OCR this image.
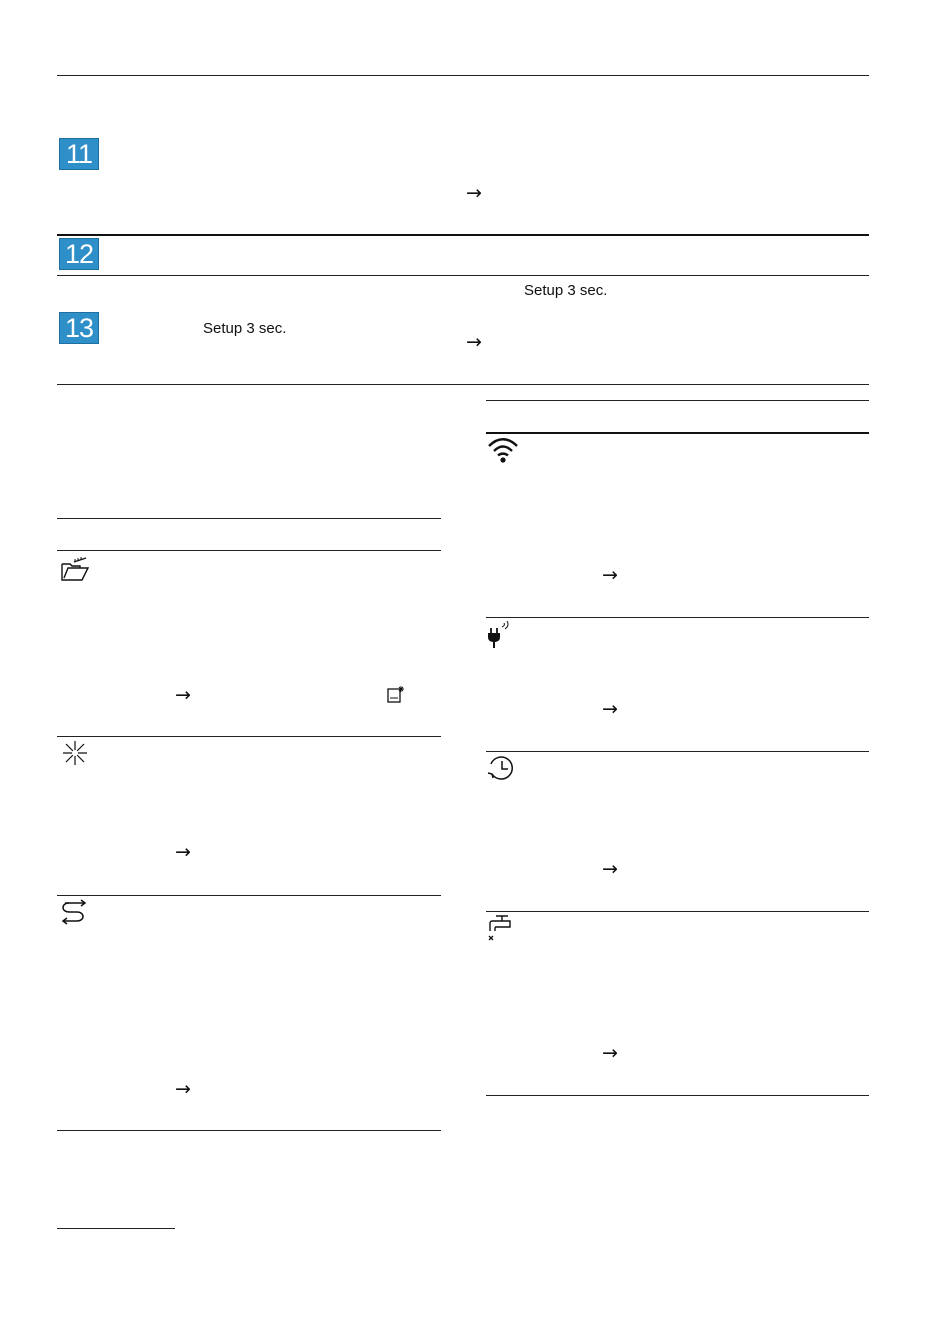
11
→
12
Setup 3 sec.
13	Setup 3 sec.
→
→
→
→
→
→
→
→
